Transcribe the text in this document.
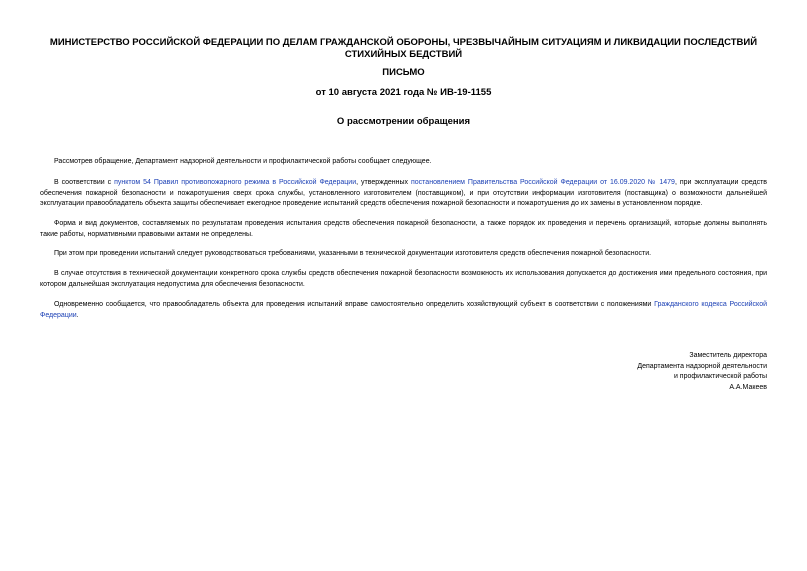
МИНИСТЕРСТВО РОССИЙСКОЙ ФЕДЕРАЦИИ ПО ДЕЛАМ ГРАЖДАНСКОЙ ОБОРОНЫ, ЧРЕЗВЫЧАЙНЫМ СИТУАЦИЯМ И ЛИКВИДАЦИИ ПОСЛЕДСТВИЙ СТИХИЙНЫХ БЕДСТВИЙ
ПИСЬМО
от 10 августа 2021 года № ИВ-19-1155
О рассмотрении обращения
Рассмотрев обращение, Департамент надзорной деятельности и профилактической работы сообщает следующее.
В соответствии с пунктом 54 Правил противопожарного режима в Российской Федерации, утвержденных постановлением Правительства Российской Федерации от 16.09.2020 № 1479, при эксплуатации средств обеспечения пожарной безопасности и пожаротушения сверх срока службы, установленного изготовителем (поставщиком), и при отсутствии информации изготовителя (поставщика) о возможности дальнейшей эксплуатации правообладатель объекта защиты обеспечивает ежегодное проведение испытаний средств обеспечения пожарной безопасности и пожаротушения до их замены в установленном порядке.
Форма и вид документов, составляемых по результатам проведения испытания средств обеспечения пожарной безопасности, а также порядок их проведения и перечень организаций, которые должны выполнять такие работы, нормативными правовыми актами не определены.
При этом при проведении испытаний следует руководствоваться требованиями, указанными в технической документации изготовителя средств обеспечения пожарной безопасности.
В случае отсутствия в технической документации конкретного срока службы средств обеспечения пожарной безопасности возможность их использования допускается до достижения ими предельного состояния, при котором дальнейшая эксплуатация недопустима для обеспечения безопасности.
Одновременно сообщается, что правообладатель объекта для проведения испытаний вправе самостоятельно определить хозяйствующий субъект в соответствии с положениями Гражданского кодекса Российской Федерации.
Заместитель директора
Департамента надзорной деятельности
и профилактической работы
А.А.Макеев
